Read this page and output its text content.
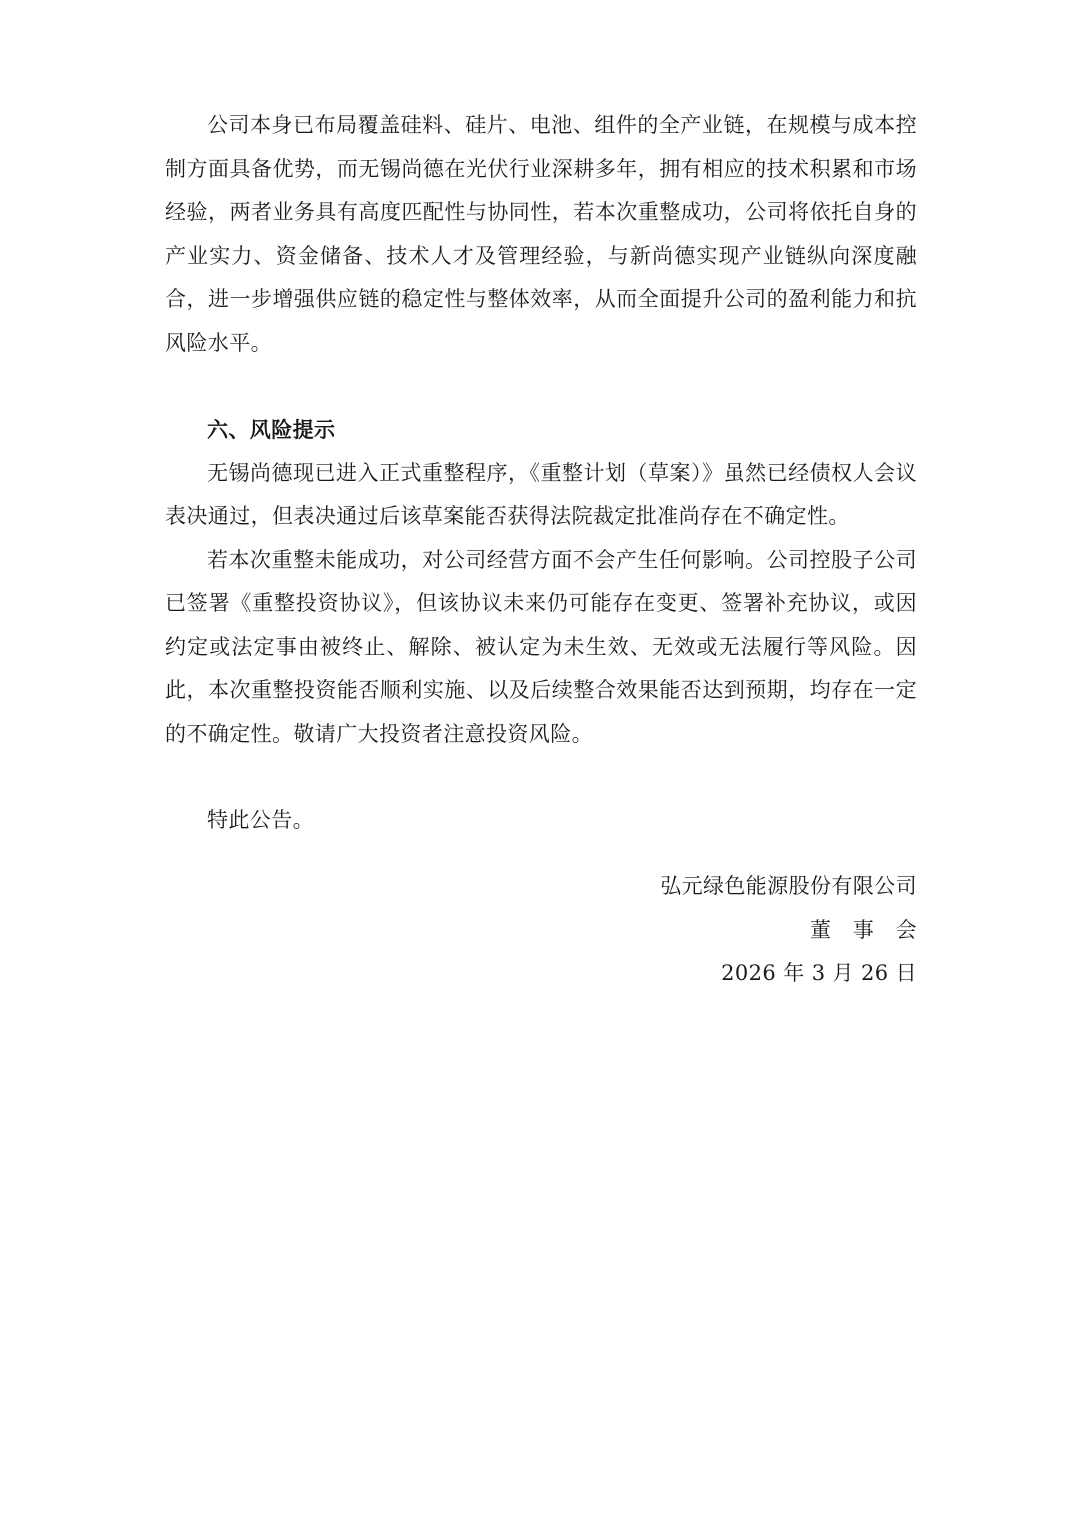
公司本身已布局覆盖硅料、硅片、电池、组件的全产业链，在规模与成本控制方面具备优势，而无锡尚德在光伏行业深耕多年，拥有相应的技术积累和市场经验，两者业务具有高度匹配性与协同性，若本次重整成功，公司将依托自身的产业实力、资金储备、技术人才及管理经验，与新尚德实现产业链纵向深度融合，进一步增强供应链的稳定性与整体效率，从而全面提升公司的盈利能力和抗风险水平。

六、风险提示

无锡尚德现已进入正式重整程序，《重整计划（草案）》虽然已经债权人会议表决通过，但表决通过后该草案能否获得法院裁定批准尚存在不确定性。

若本次重整未能成功，对公司经营方面不会产生任何影响。公司控股子公司已签署《重整投资协议》，但该协议未来仍可能存在变更、签署补充协议，或因约定或法定事由被终止、解除、被认定为未生效、无效或无法履行等风险。因此，本次重整投资能否顺利实施、以及后续整合效果能否达到预期，均存在一定的不确定性。敬请广大投资者注意投资风险。

特此公告。

弘元绿色能源股份有限公司

董　事　会

2026 年 3 月 26 日
